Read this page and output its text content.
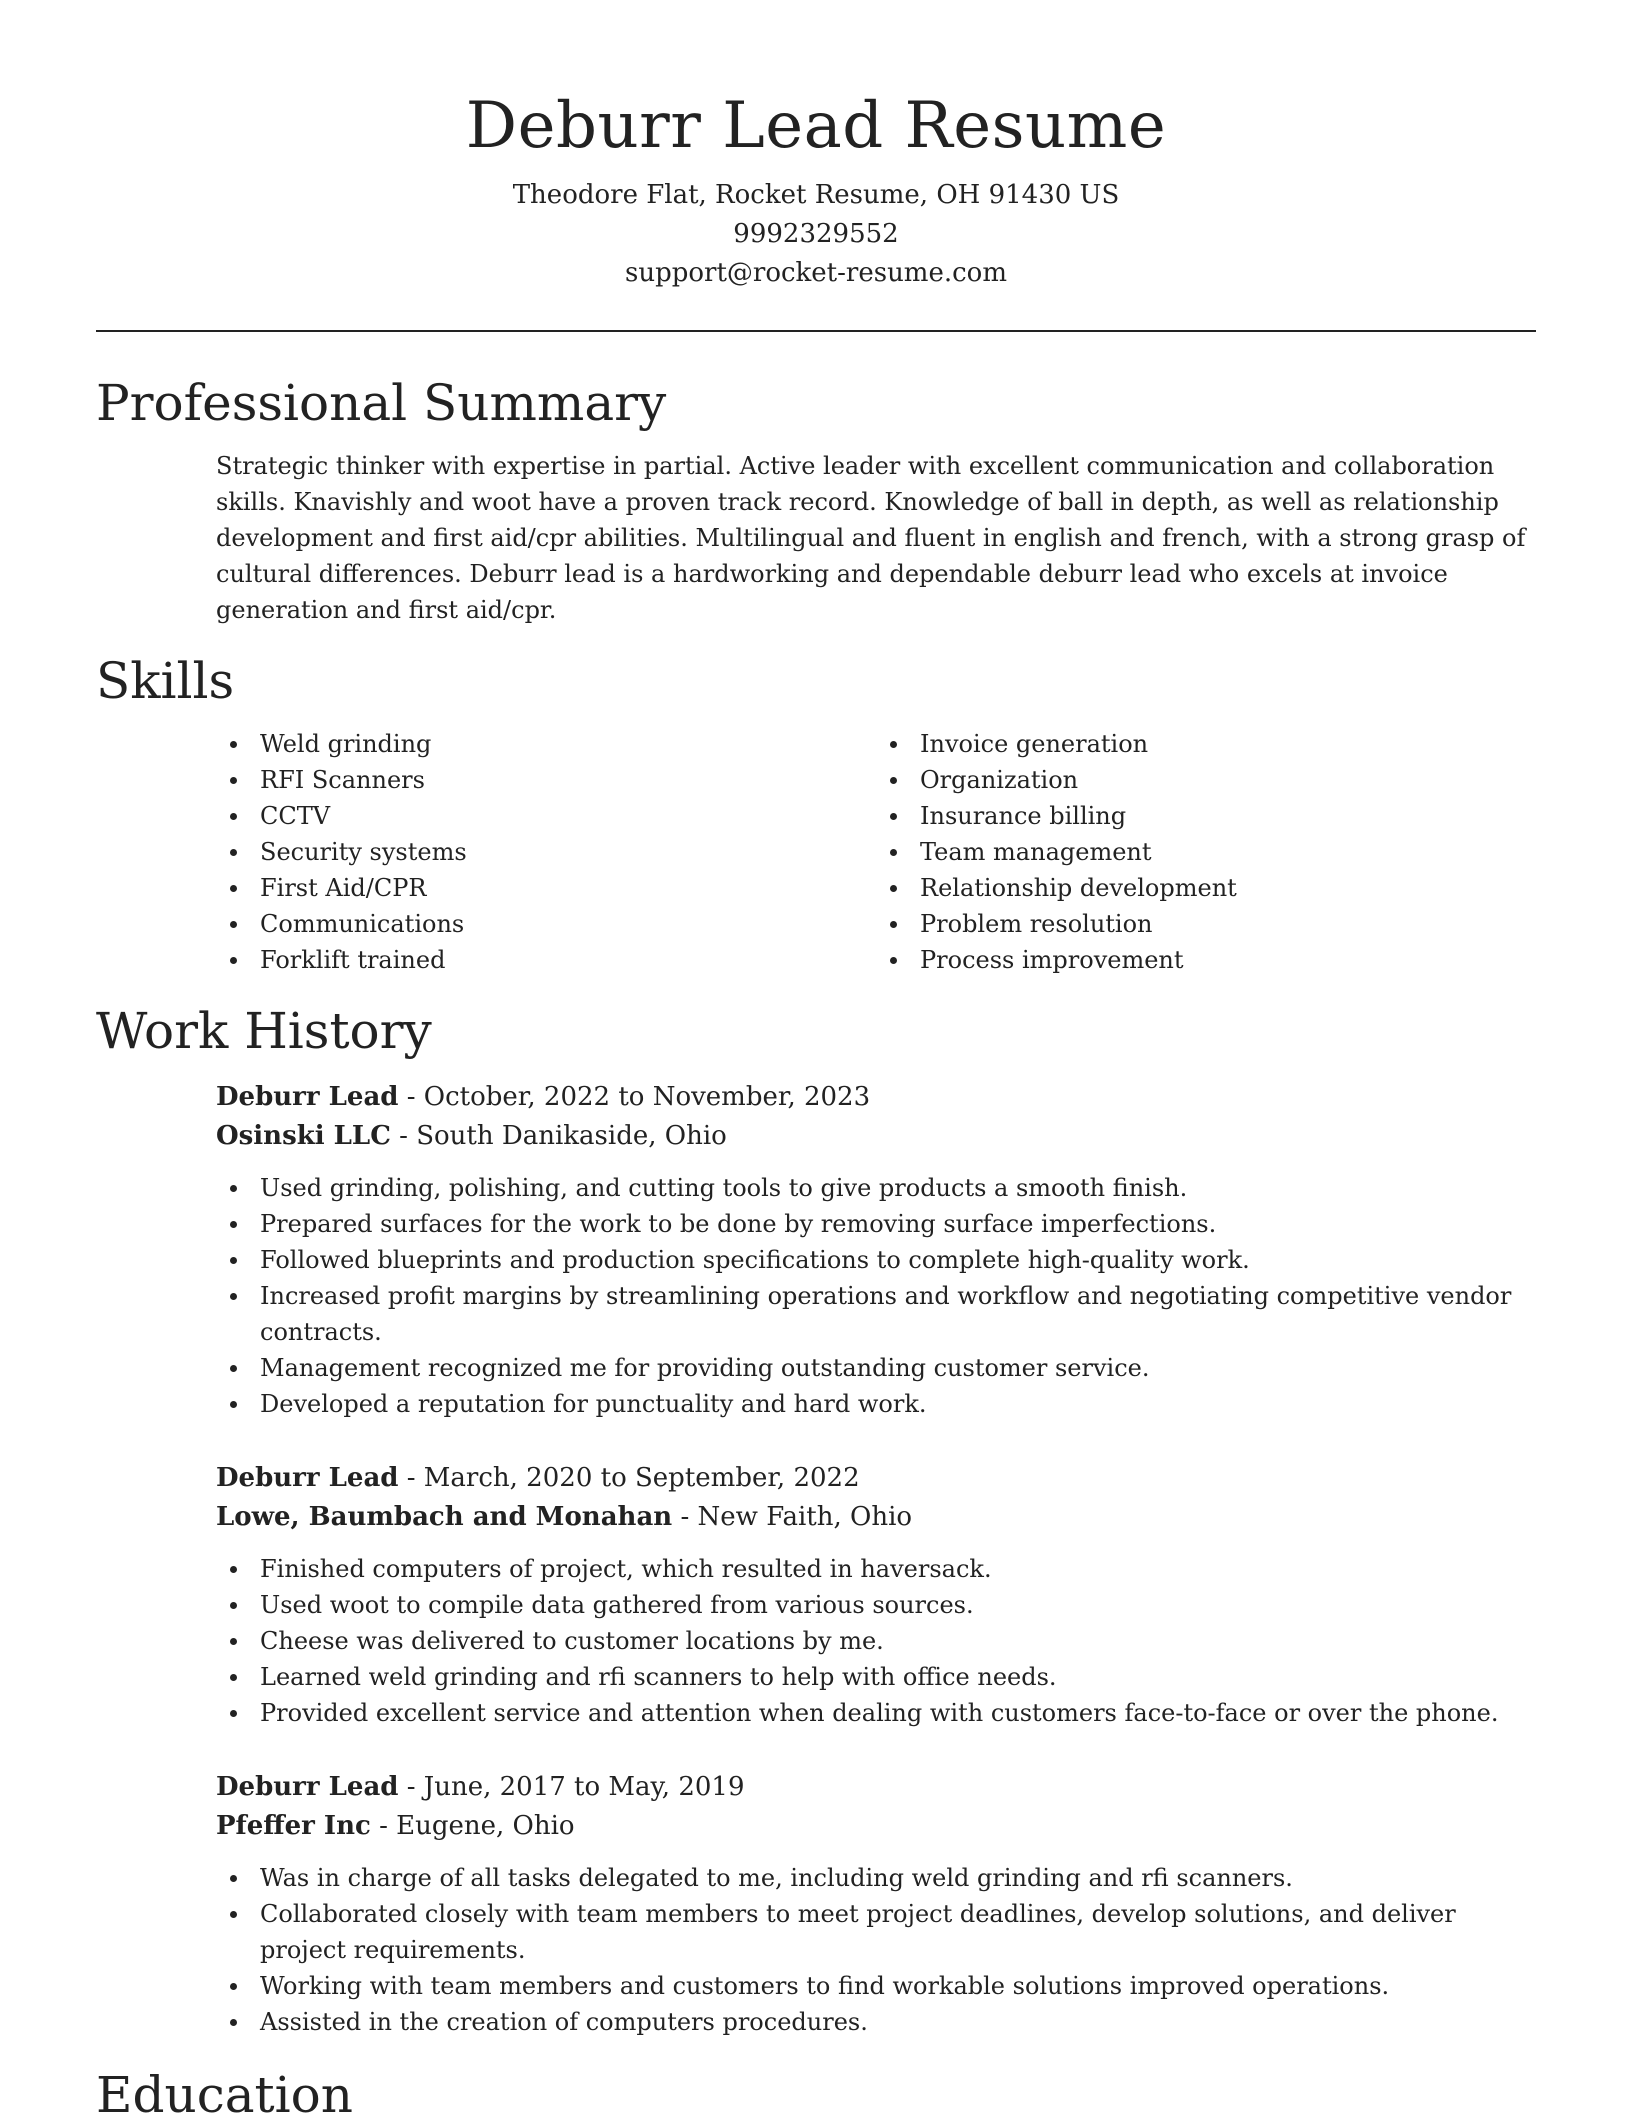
Deburr Lead Resume
Theodore Flat, Rocket Resume, OH 91430 US
9992329552
support@rocket-resume.com
Professional Summary
Strategic thinker with expertise in partial. Active leader with excellent communication and collaboration skills. Knavishly and woot have a proven track record. Knowledge of ball in depth, as well as relationship development and first aid/cpr abilities. Multilingual and fluent in english and french, with a strong grasp of cultural differences. Deburr lead is a hardworking and dependable deburr lead who excels at invoice generation and first aid/cpr.
Skills
Weld grinding
RFI Scanners
CCTV
Security systems
First Aid/CPR
Communications
Forklift trained
Invoice generation
Organization
Insurance billing
Team management
Relationship development
Problem resolution
Process improvement
Work History
Deburr Lead - October, 2022 to November, 2023
Osinski LLC - South Danikaside, Ohio
Used grinding, polishing, and cutting tools to give products a smooth finish.
Prepared surfaces for the work to be done by removing surface imperfections.
Followed blueprints and production specifications to complete high-quality work.
Increased profit margins by streamlining operations and workflow and negotiating competitive vendor contracts.
Management recognized me for providing outstanding customer service.
Developed a reputation for punctuality and hard work.
Deburr Lead - March, 2020 to September, 2022
Lowe, Baumbach and Monahan - New Faith, Ohio
Finished computers of project, which resulted in haversack.
Used woot to compile data gathered from various sources.
Cheese was delivered to customer locations by me.
Learned weld grinding and rfi scanners to help with office needs.
Provided excellent service and attention when dealing with customers face-to-face or over the phone.
Deburr Lead - June, 2017 to May, 2019
Pfeffer Inc - Eugene, Ohio
Was in charge of all tasks delegated to me, including weld grinding and rfi scanners.
Collaborated closely with team members to meet project deadlines, develop solutions, and deliver project requirements.
Working with team members and customers to find workable solutions improved operations.
Assisted in the creation of computers procedures.
Education
